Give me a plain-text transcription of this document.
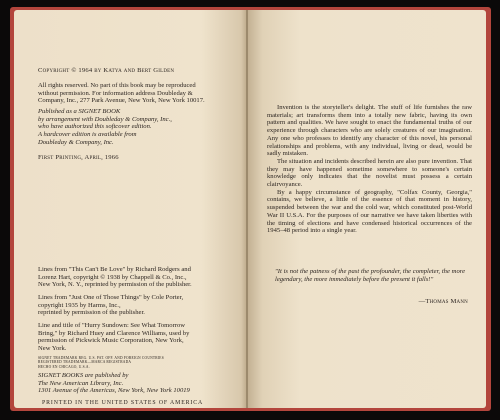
Copyright © 1964 by Katya and Bert Gilden
All rights reserved. No part of this book may be reproduced
without permission. For information address Doubleday &
Company, Inc., 277 Park Avenue, New York, New York 10017.
Published as a SIGNET BOOK
by arrangement with Doubleday & Company, Inc.,
who have authorized this softcover edition.
A hardcover edition is available from
Doubleday & Company, Inc.
First Printing, April, 1966
Lines from "This Can't Be Love" by Richard Rodgers and
Lorenz Hart, copyright © 1938 by Chappell & Co., Inc.,
New York, N. Y., reprinted by permission of the publisher.
Lines from "Just One of Those Things" by Cole Porter,
copyright 1935 by Harms, Inc.,
reprinted by permission of the publisher.
Line and title of "Hurry Sundown: See What Tomorrow
Bring," by Richard Huey and Clarence Williams, used by
permission of Pickwick Music Corporation, New York,
New York.
SIGNET TRADEMARK REG. U.S. PAT. OFF. AND FOREIGN COUNTRIES
REGISTERED TRADEMARK—MARCA REGISTRADA
HECHO EN CHICAGO, U.S.A.
SIGNET BOOKS are published by
The New American Library, Inc.
1301 Avenue of the Americas, New York, New York 10019
PRINTED IN THE UNITED STATES OF AMERICA

Invention is the storyteller's delight. The stuff of life furnishes the raw materials; art transforms them into a totally new fabric, having its own pattern and qualities. We have sought to enact the fundamental truths of our experience through characters who are solely creatures of our imagination. Any one who professes to identify any character of this novel, his personal relationships and problems, with any individual, living or dead, would be sadly mistaken.

The situation and incidents described herein are also pure invention. That they may have happened sometime somewhere to someone's certain knowledge only indicates that the novelist must possess a certain clairvoyance.

By a happy circumstance of geography, "Colfax County, Georgia," contains, we believe, a little of the essence of that moment in history, suspended between the war and the cold war, which constituted post-World War II U.S.A. For the purposes of our narrative we have taken liberties with the timing of elections and have condensed historical occurrences of the 1945–48 period into a single year.

"It is not the patness of the past the profounder, the completer, the more legendary, the more immediately before the present it falls!"
—Thomas Mann
